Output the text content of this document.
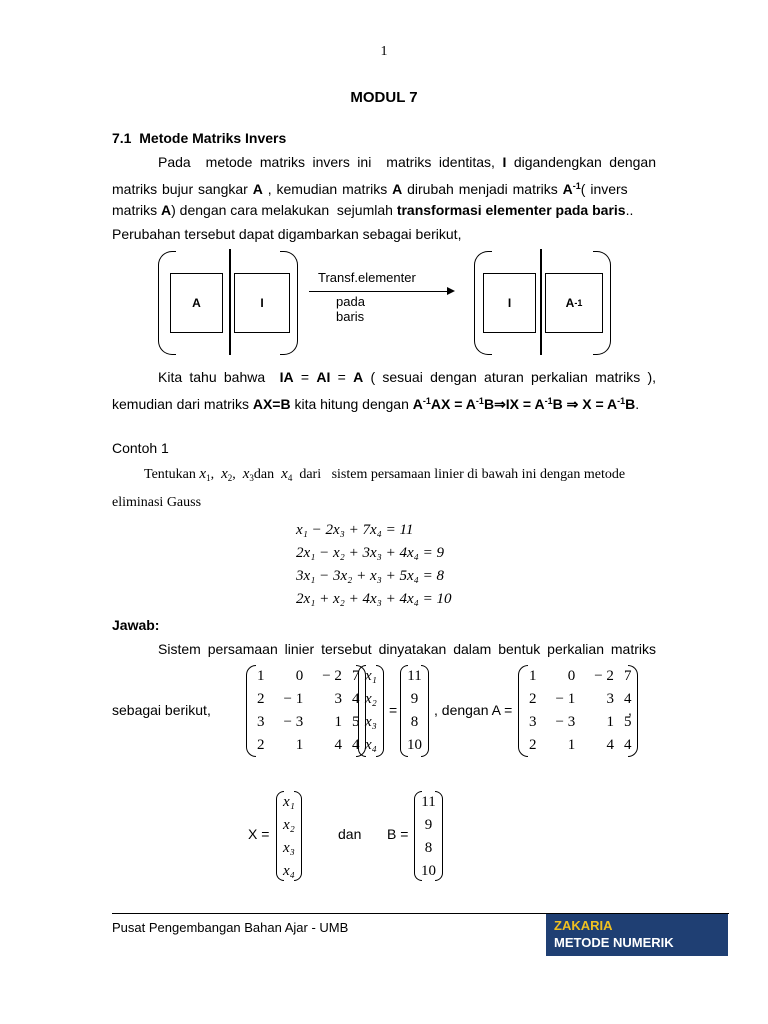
1
MODUL 7
7.1  Metode Matriks Invers
Pada  metode matriks invers ini  matriks identitas, I digandengkan dengan
matriks bujur sangkar A , kemudian matriks A dirubah menjadi matriks $A^{-1}$( invers
matriks A) dengan cara melakukan  sejumlah transformasi elementer pada baris..
Perubahan tersebut dapat digambarkan sebagai berikut,
A	I
Transf.elementer
pada baris
I	A -1
Kita tahu bahwa  IA = AI = A ( sesuai dengan aturan perkalian matriks ),
kemudian dari matriks AX=B kita hitung dengan $A^{-1}AX$ = $A^{-1}B\Rightarrow IX = A^{-1}B$ ⇒ $X = A^{-1}B$.
Contoh 1
Tentukan $x_1$,  $x_2$,  $x_3dan$  $x_4$  dari   sistem persamaan linier di bawah ini dengan metode
eliminasi Gauss
x₁ − 2x₃ + 7x₄ = 11
2x₁ − x₂ + 3x₃ + 4x₄ = 9
3x₁ − 3x₂ + x₃ + 5x₄ = 8
2x₁ + x₂ + 4x₃ + 4x₄ = 10
Jawab:
Sistem persamaan linier tersebut dinyatakan dalam bentuk perkalian matriks
sebagai berikut,
1	0	− 2	7
2	− 1	3	4
3	− 3	1	5
2	1	4	4
x₁
x₂
x₃
x₄
=
11
9
8
10
, dengan A =
1	0	− 2	7
2	− 1	3	4
3	− 3	1	5
2	1	4	4
,
X =
x₁
x₂
x₃
x₄
dan B =
11
9
8
10
Pusat Pengembangan Bahan Ajar - UMB	ZAKARIA
METODE NUMERIK
